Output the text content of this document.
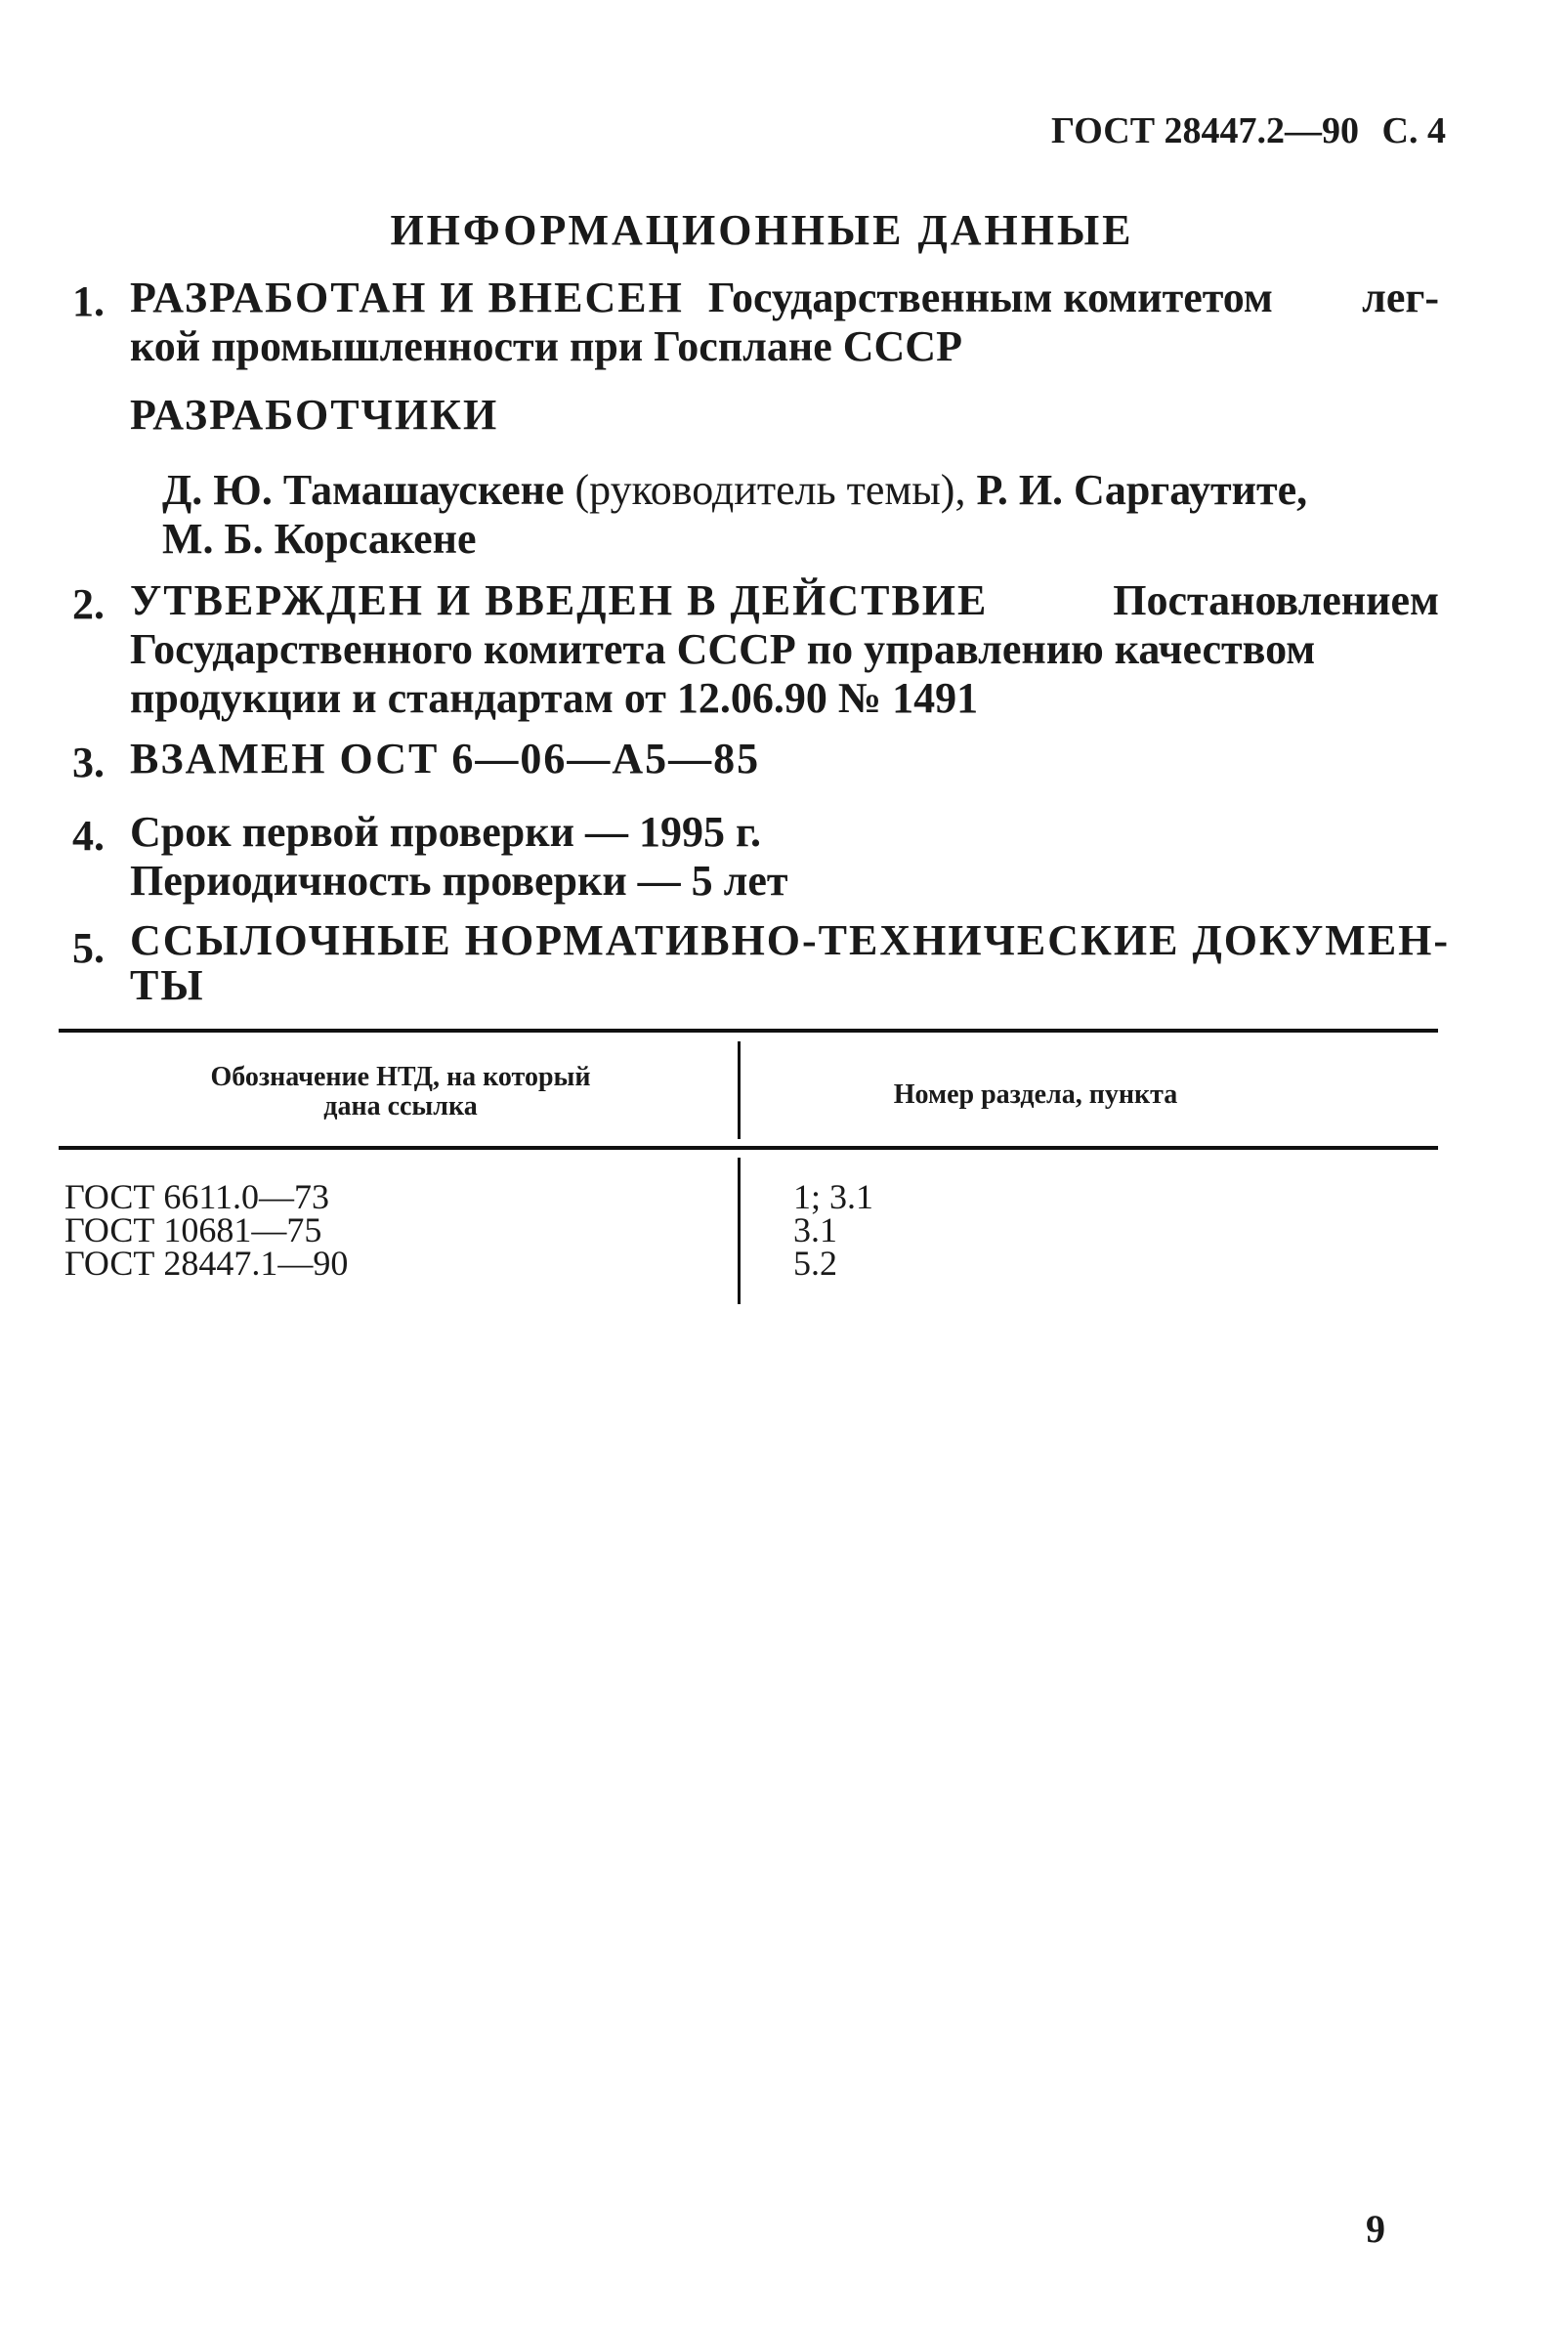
ГОСТ 28447.2—90 С. 4
ИНФОРМАЦИОННЫЕ ДАННЫЕ
1. РАЗРАБОТАН И ВНЕСЕН Государственным комитетом лег-
кой промышленности при Госплане СССР
РАЗРАБОТЧИКИ
Д. Ю. Тамашаускене (руководитель темы), Р. И. Саргаутите,
М. Б. Корсакене
2. УТВЕРЖДЕН И ВВЕДЕН В ДЕЙСТВИЕ	Постановлением
Государственного комитета СССР по управлению качеством
продукции и стандартам от 12.06.90 № 1491
3. ВЗАМЕН ОСТ 6—06—А5—85
4. Срок первой проверки — 1995 г.
Периодичность проверки — 5 лет
5. ССЫЛОЧНЫЕ НОРМАТИВНО-ТЕХНИЧЕСКИЕ ДОКУМЕН-
ТЫ
Обозначение НТД, на который
дана ссылка	Номер раздела, пункта
ГОСТ 6611.0—73
ГОСТ 10681—75
ГОСТ 28447.1—90
1; 3.1
3.1
5.2
9
